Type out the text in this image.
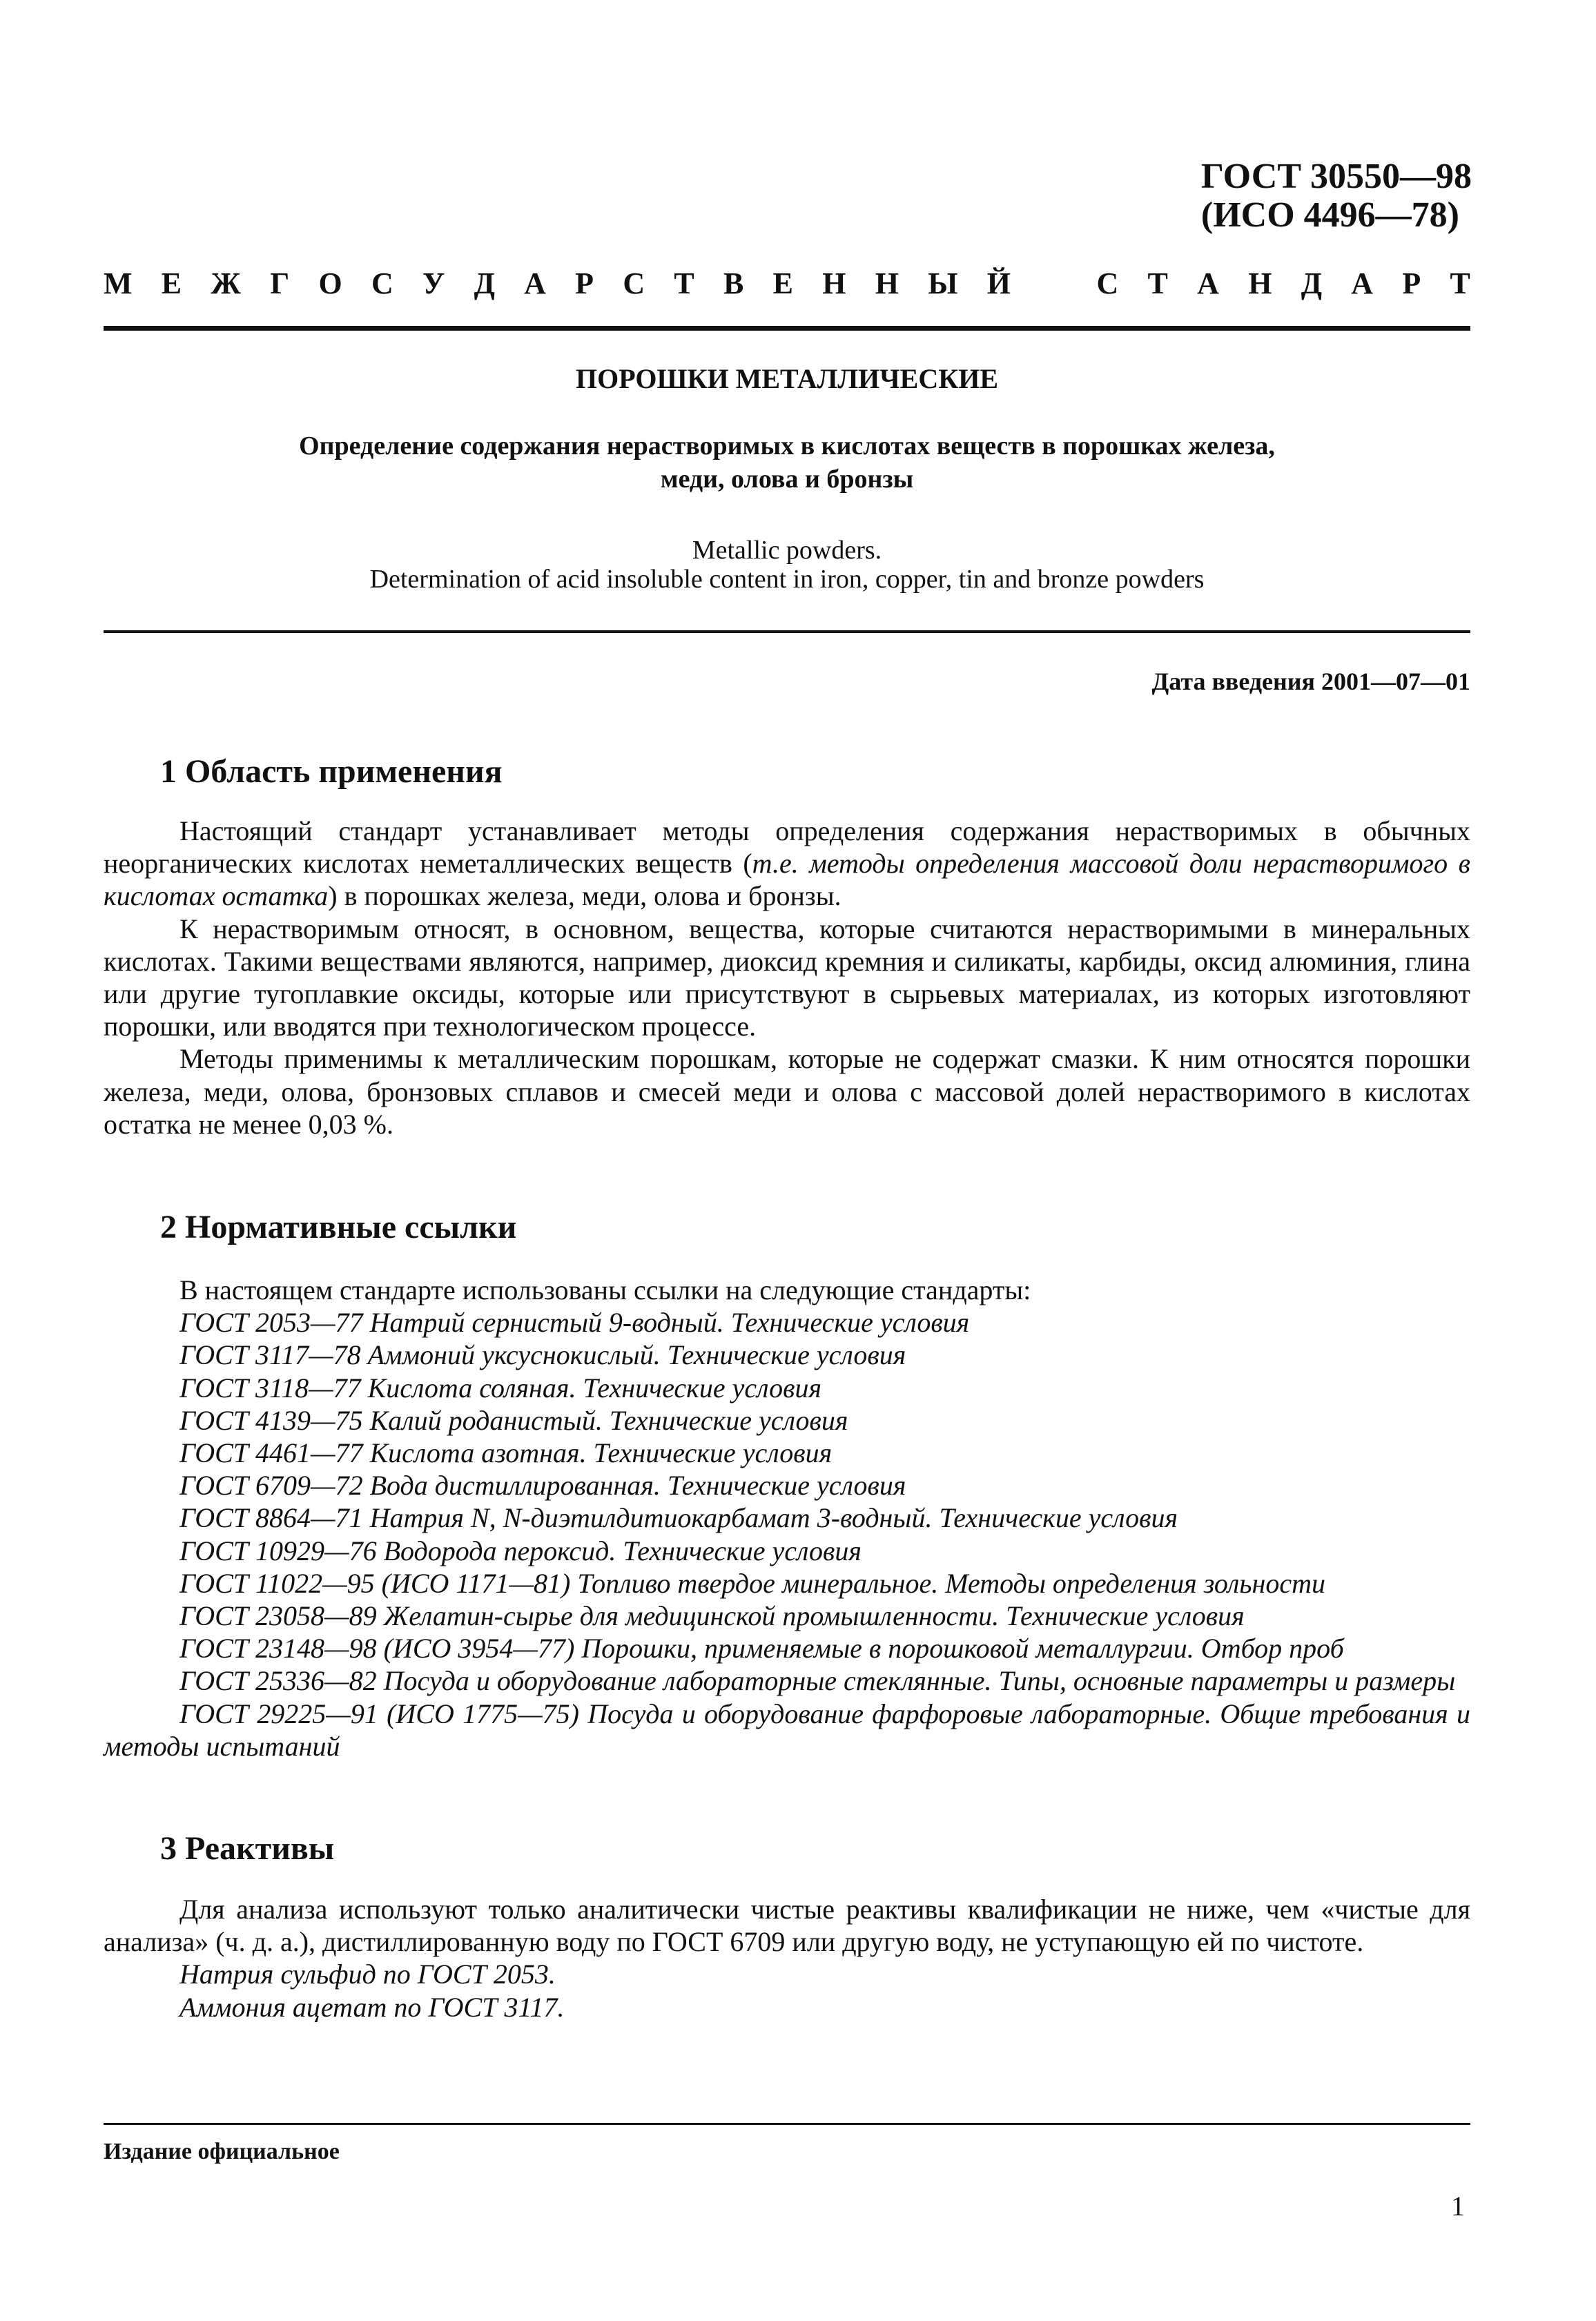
ГОСТ 30550—98
(ИСО 4496—78)
М Е Ж Г О С У Д А Р С Т В Е Н Н Ы Й	С Т А Н Д А Р Т
ПОРОШКИ МЕТАЛЛИЧЕСКИЕ
Определение содержания нерастворимых в кислотах веществ в порошках железа,
меди, олова и бронзы
Metallic powders.
Determination of acid insoluble content in iron, copper, tin and bronze powders
Дата введения 2001—07—01
1 Область применения

Настоящий стандарт устанавливает методы определения содержания нерастворимых в обычных неорганических кислотах неметаллических веществ (т.е. методы определения массовой доли нерастворимого в кислотах остатка) в порошках железа, меди, олова и бронзы.

К нерастворимым относят, в основном, вещества, которые считаются нерастворимыми в минеральных кислотах. Такими веществами являются, например, диоксид кремния и силикаты, карбиды, оксид алюминия, глина или другие тугоплавкие оксиды, которые или присутствуют в сырьевых материалах, из которых изготовляют порошки, или вводятся при технологическом процессе.

Методы применимы к металлическим порошкам, которые не содержат смазки. К ним относятся порошки железа, меди, олова, бронзовых сплавов и смесей меди и олова с массовой долей нерастворимого в кислотах остатка не менее 0,03 %.

2 Нормативные ссылки

В настоящем стандарте использованы ссылки на следующие стандарты:

ГОСТ 2053—77 Натрий сернистый 9-водный. Технические условия

ГОСТ 3117—78 Аммоний уксуснокислый. Технические условия

ГОСТ 3118—77 Кислота соляная. Технические условия

ГОСТ 4139—75 Калий роданистый. Технические условия

ГОСТ 4461—77 Кислота азотная. Технические условия

ГОСТ 6709—72 Вода дистиллированная. Технические условия

ГОСТ 8864—71 Натрия N, N-диэтилдитиокарбамат 3-водный. Технические условия

ГОСТ 10929—76 Водорода пероксид. Технические условия

ГОСТ 11022—95 (ИСО 1171—81) Топливо твердое минеральное. Методы определения зольности

ГОСТ 23058—89 Желатин-сырье для медицинской промышленности. Технические условия

ГОСТ 23148—98 (ИСО 3954—77) Порошки, применяемые в порошковой металлургии. Отбор проб

ГОСТ 25336—82 Посуда и оборудование лабораторные стеклянные. Типы, основные параметры и размеры

ГОСТ 29225—91 (ИСО 1775—75) Посуда и оборудование фарфоровые лабораторные. Общие требования и методы испытаний

3 Реактивы

Для анализа используют только аналитически чистые реактивы квалификации не ниже, чем «чистые для анализа» (ч. д. а.), дистиллированную воду по ГОСТ 6709 или другую воду, не уступающую ей по чистоте.

Натрия сульфид по ГОСТ 2053.

Аммония ацетат по ГОСТ 3117.

Издание официальное
1
